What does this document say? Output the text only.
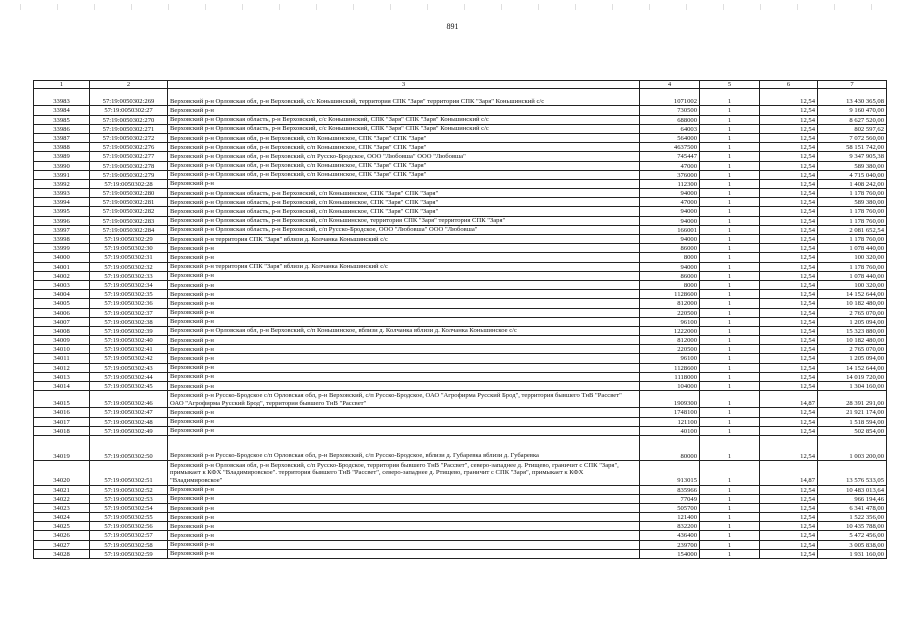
891
1	2	3	4	5	6	7
33983	57:19:0050302:269	Верховский р-н Орловская обл, р-н Верховский, с/с Коньшинский, территория СПК "Заря" территория СПК "Заря" Коньшинский с/с	1071002	1	12,54	13 430 365,08
33984	57:19:0050302:27	Верховский р-н	730500	1	12,54	9 160 470,00
33985	57:19:0050302:270	Верховский р-н Орловская область, р-н Верховский, с/с Коньшинский, СПК "Заря" СПК "Заря" Коньшинский с/с	688000	1	12,54	8 627 520,00
33986	57:19:0050302:271	Верховский р-н Орловская область, р-н Верховский, с/с Коньшинский, СПК "Заря" СПК "Заря" Коньшинский с/с	64003	1	12,54	802 597,62
33987	57:19:0050302:272	Верховский р-н Орловская обл, р-н Верховский, с/п Коньшинское, СПК "Заря" СПК "Заря"	564000	1	12,54	7 072 560,00
33988	57:19:0050302:276	Верховский р-н Орловская обл, р-н Верховский, с/п Коньшинское, СПК "Заря" СПК "Заря"	4637500	1	12,54	58 151 742,00
33989	57:19:0050302:277	Верховский р-н Орловская обл, р-н Верховский, с/п Русско-Бродское, ООО "Любовша" ООО "Любовша"	745447	1	12,54	9 347 905,38
33990	57:19:0050302:278	Верховский р-н Орловская обл, р-н Верховский, с/п Коньшинское, СПК "Заря" СПК "Заря"	47000	1	12,54	589 380,00
33991	57:19:0050302:279	Верховский р-н Орловская обл, р-н Верховский, с/п Коньшинское, СПК "Заря" СПК "Заря"	376000	1	12,54	4 715 040,00
33992	57:19:0050302:28	Верховский р-н	112300	1	12,54	1 408 242,00
33993	57:19:0050302:280	Верховский р-н Орловская область, р-н Верховский, с/п Коньшинское, СПК "Заря" СПК "Заря"	94000	1	12,54	1 178 760,00
33994	57:19:0050302:281	Верховский р-н Орловская область, р-н Верховский, с/п Коньшинское, СПК "Заря" СПК "Заря"	47000	1	12,54	589 380,00
33995	57:19:0050302:282	Верховский р-н Орловская область, р-н Верховский, с/п Коньшинское, СПК "Заря" СПК "Заря"	94000	1	12,54	1 178 760,00
33996	57:19:0050302:283	Верховский р-н Орловская область, р-н Верховский, с/п Коньшинское, территория СПК "Заря" территория СПК "Заря"	94000	1	12,54	1 178 760,00
33997	57:19:0050302:284	Верховский р-н Орловская область, р-н Верховский, с/п Русско-Бродское, ООО "Любовша" ООО "Любовша"	166001	1	12,54	2 081 652,54
33998	57:19:0050302:29	Верховский р-н территория СПК "Заря" вблизи д. Колчанка Коньшинский с/с	94000	1	12,54	1 178 760,00
33999	57:19:0050302:30	Верховский р-н	86000	1	12,54	1 078 440,00
34000	57:19:0050302:31	Верховский р-н	8000	1	12,54	100 320,00
34001	57:19:0050302:32	Верховский р-н территория СПК "Заря" вблизи д. Колчанка Коньшинский с/с	94000	1	12,54	1 178 760,00
34002	57:19:0050302:33	Верховский р-н	86000	1	12,54	1 078 440,00
34003	57:19:0050302:34	Верховский р-н	8000	1	12,54	100 320,00
34004	57:19:0050302:35	Верховский р-н	1128600	1	12,54	14 152 644,00
34005	57:19:0050302:36	Верховский р-н	812000	1	12,54	10 182 480,00
34006	57:19:0050302:37	Верховский р-н	220500	1	12,54	2 765 070,00
34007	57:19:0050302:38	Верховский р-н	96100	1	12,54	1 205 094,00
34008	57:19:0050302:39	Верховский р-н Орловская обл, р-н Верховский, с/п Коньшинское, вблизи д. Колчанка вблизи д. Колчанка Коньшинское с/с	1222000	1	12,54	15 323 880,00
34009	57:19:0050302:40	Верховский р-н	812000	1	12,54	10 182 480,00
34010	57:19:0050302:41	Верховский р-н	220500	1	12,54	2 765 070,00
34011	57:19:0050302:42	Верховский р-н	96100	1	12,54	1 205 094,00
34012	57:19:0050302:43	Верховский р-н	1128600	1	12,54	14 152 644,00
34013	57:19:0050302:44	Верховский р-н	1118000	1	12,54	14 019 720,00
34014	57:19:0050302:45	Верховский р-н	104000	1	12,54	1 304 160,00
34015	57:19:0050302:46	Верховский р-н Русско-Бродское с/п Орловская обл, р-н Верховский, с/п Русско-Бродское, ОАО "Агрофирма Русский Брод", территория бывшего ТнВ "Рассвет" ОАО "Агрофирма Русский Брод", территория бывшего ТнВ "Рассвет"	1909300	1	14,87	28 391 291,00
34016	57:19:0050302:47	Верховский р-н	1748100	1	12,54	21 921 174,00
34017	57:19:0050302:48	Верховский р-н	121100	1	12,54	1 518 594,00
34018	57:19:0050302:49	Верховский р-н	40100	1	12,54	502 854,00
34019	57:19:0050302:50	Верховский р-н Русско-Бродское с/п Орловская обл, р-н Верховский, с/п Русско-Бродское, вблизи д. Губаревка вблизи д. Губаревка	80000	1	12,54	1 003 200,00
34020	57:19:0050302:51	Верховский р-н Орловская обл, р-н Верховский, с/п Русско-Бродское, территория бывшего ТнВ "Рассвет", северо-западнее д. Ртищево, граничит с СПК "Заря", примыкает к КФХ "Владимировское". территория бывшего ТнВ "Рассвет", северо-западнее д. Ртищево, граничит с СПК "Заря", примыкает к КФХ "Владимировское"	913015	1	14,87	13 576 533,05
34021	57:19:0050302:52	Верховский р-н	835966	1	12,54	10 483 013,64
34022	57:19:0050302:53	Верховский р-н	77049	1	12,54	966 194,46
34023	57:19:0050302:54	Верховский р-н	505700	1	12,54	6 341 478,00
34024	57:19:0050302:55	Верховский р-н	121400	1	12,54	1 522 356,00
34025	57:19:0050302:56	Верховский р-н	832200	1	12,54	10 435 788,00
34026	57:19:0050302:57	Верховский р-н	436400	1	12,54	5 472 456,00
34027	57:19:0050302:58	Верховский р-н	239700	1	12,54	3 005 838,00
34028	57:19:0050302:59	Верховский р-н	154000	1	12,54	1 931 160,00
